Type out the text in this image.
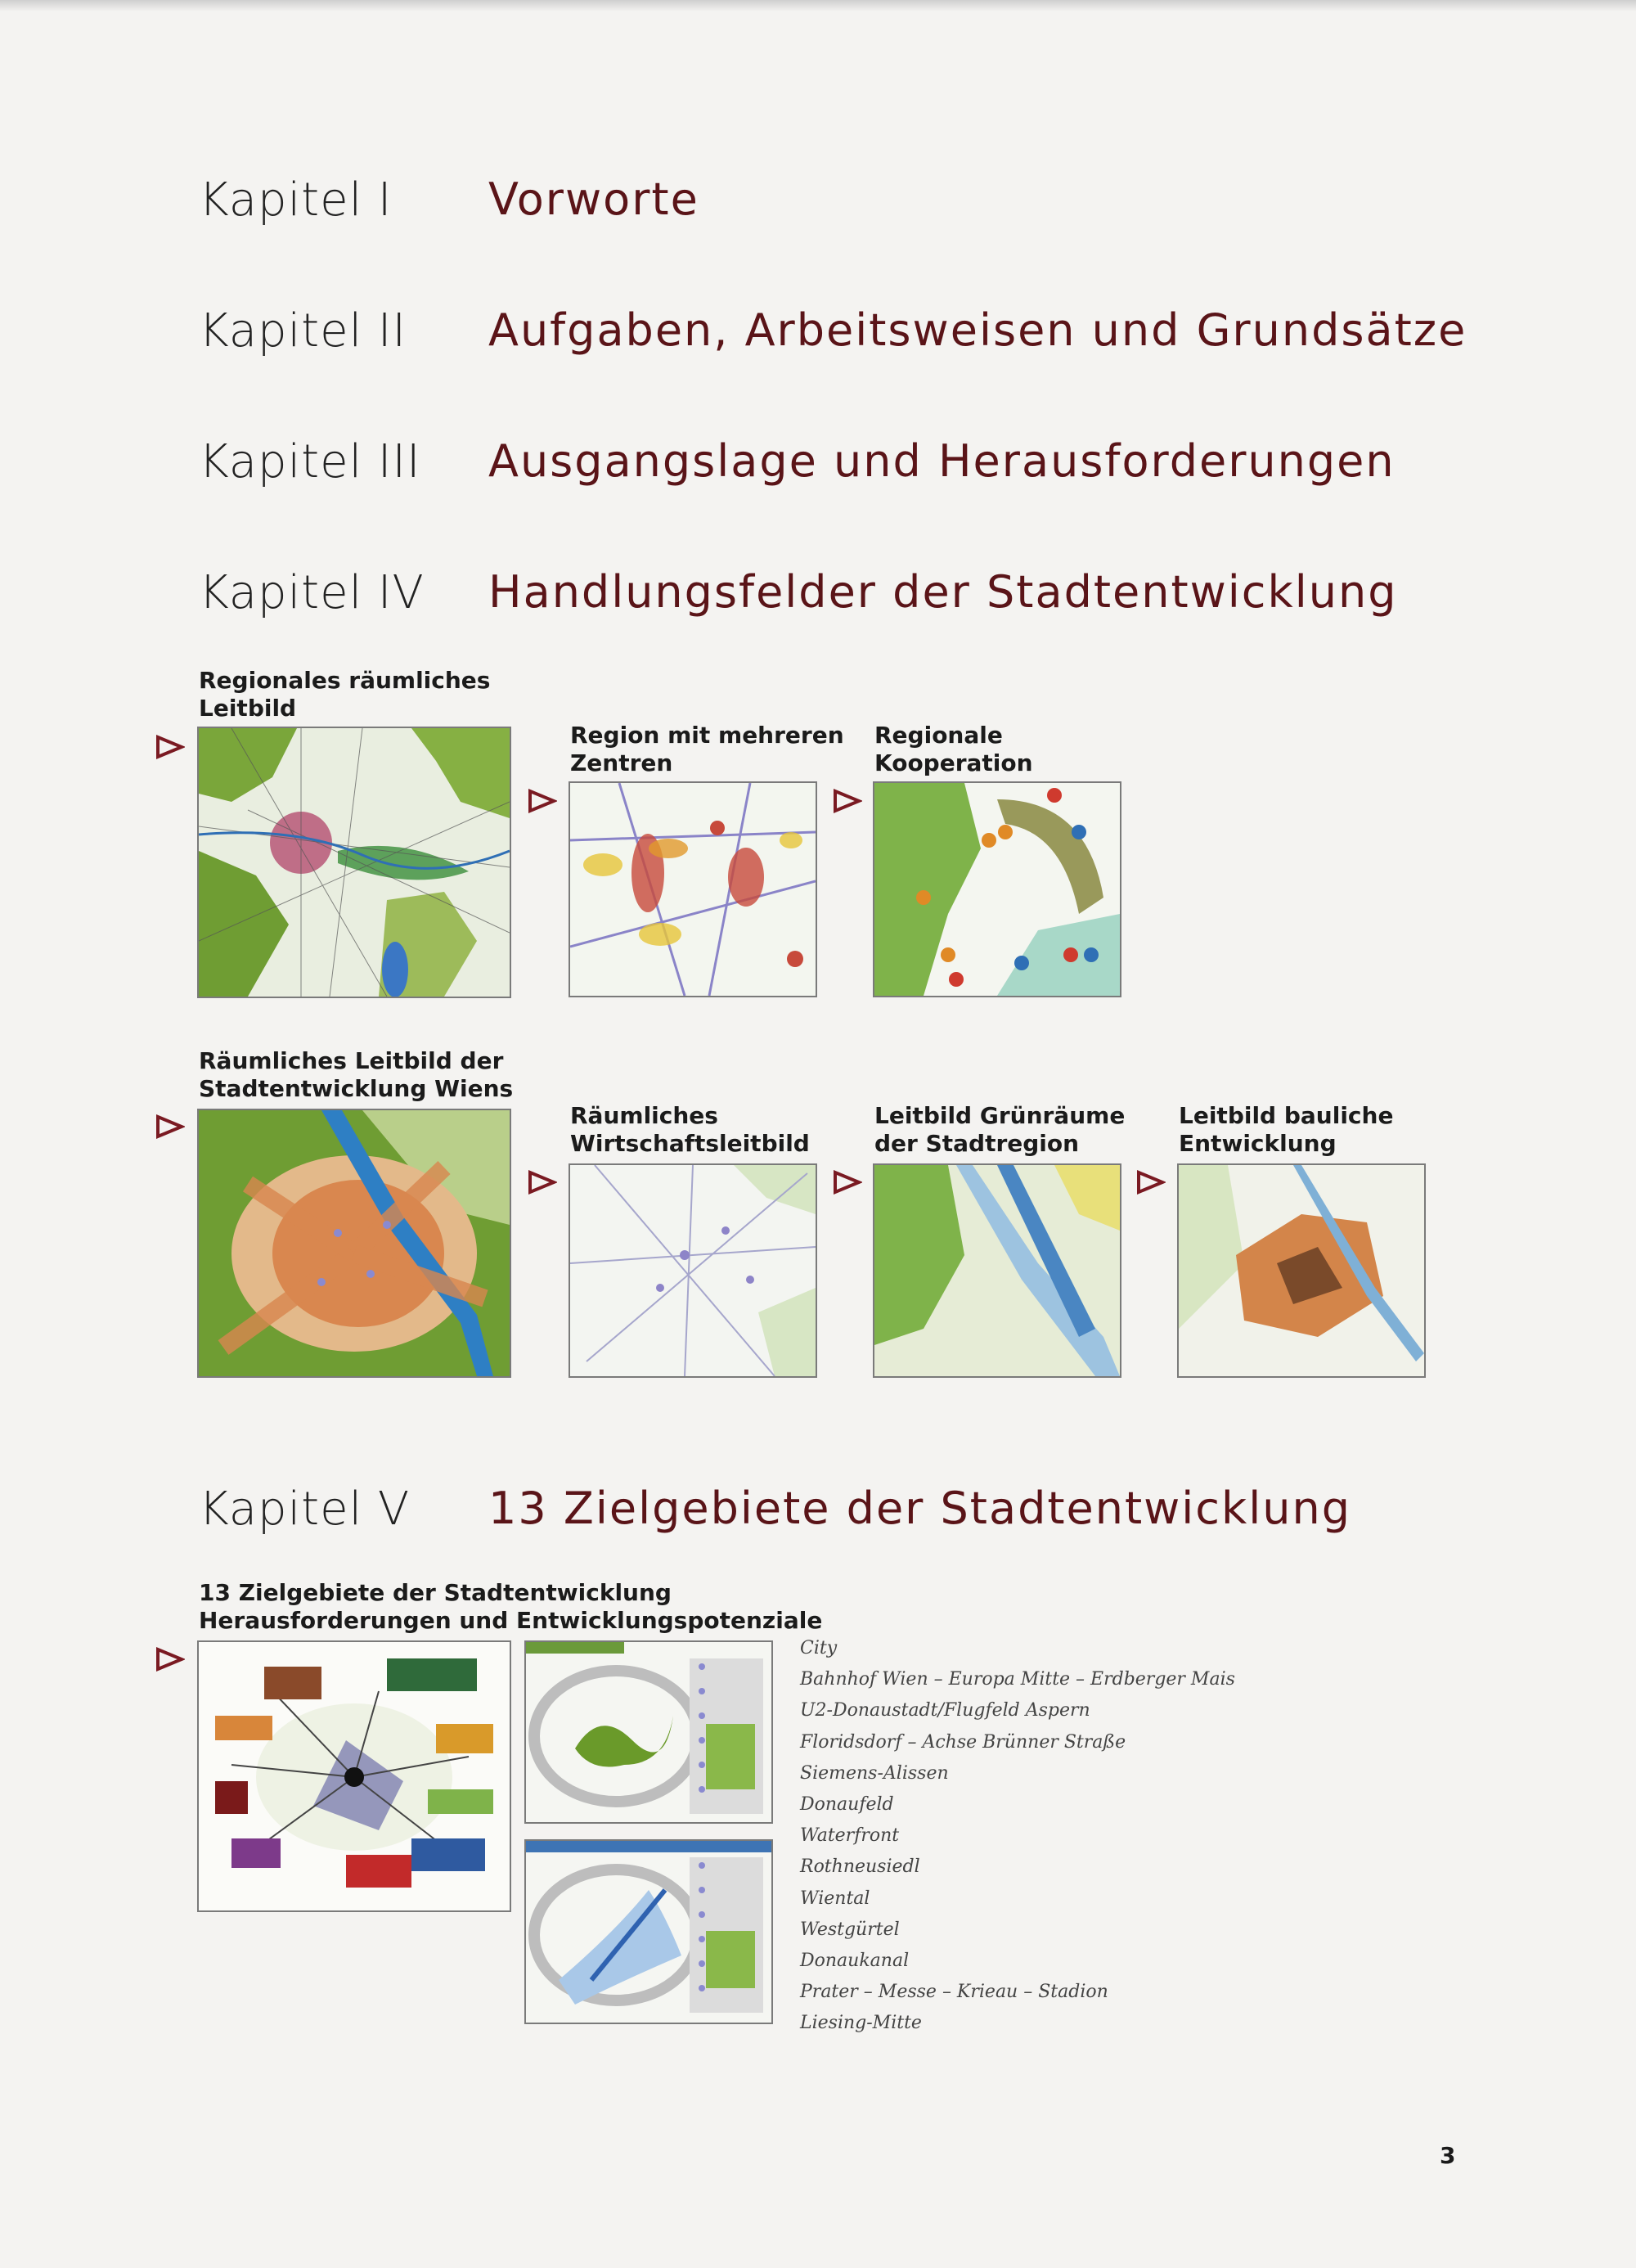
Kapitel I Vorworte
Kapitel II Aufgaben, Arbeitsweisen und Grundsätze
Kapitel III Ausgangslage und Herausforderungen
Kapitel IV Handlungsfelder der Stadtentwicklung
Kapitel V 13 Zielgebiete der Stadtentwicklung
Regionales räumliches
Leitbild
Region mit mehreren
Zentren
Regionale
Kooperation
Räumliches Leitbild der
Stadtentwicklung Wiens
Räumliches
Wirtschaftsleitbild
Leitbild Grünräume
der Stadtregion
Leitbild bauliche
Entwicklung
13 Zielgebiete der Stadtentwicklung
Herausforderungen und Entwicklungspotenziale
City
Bahnhof Wien – Europa Mitte – Erdberger Mais
U2-Donaustadt/Flugfeld Aspern
Floridsdorf – Achse Brünner Straße
Siemens-Alissen
Donaufeld
Waterfront
Rothneusiedl
Wiental
Westgürtel
Donaukanal
Prater – Messe – Krieau – Stadion
Liesing-Mitte
3
